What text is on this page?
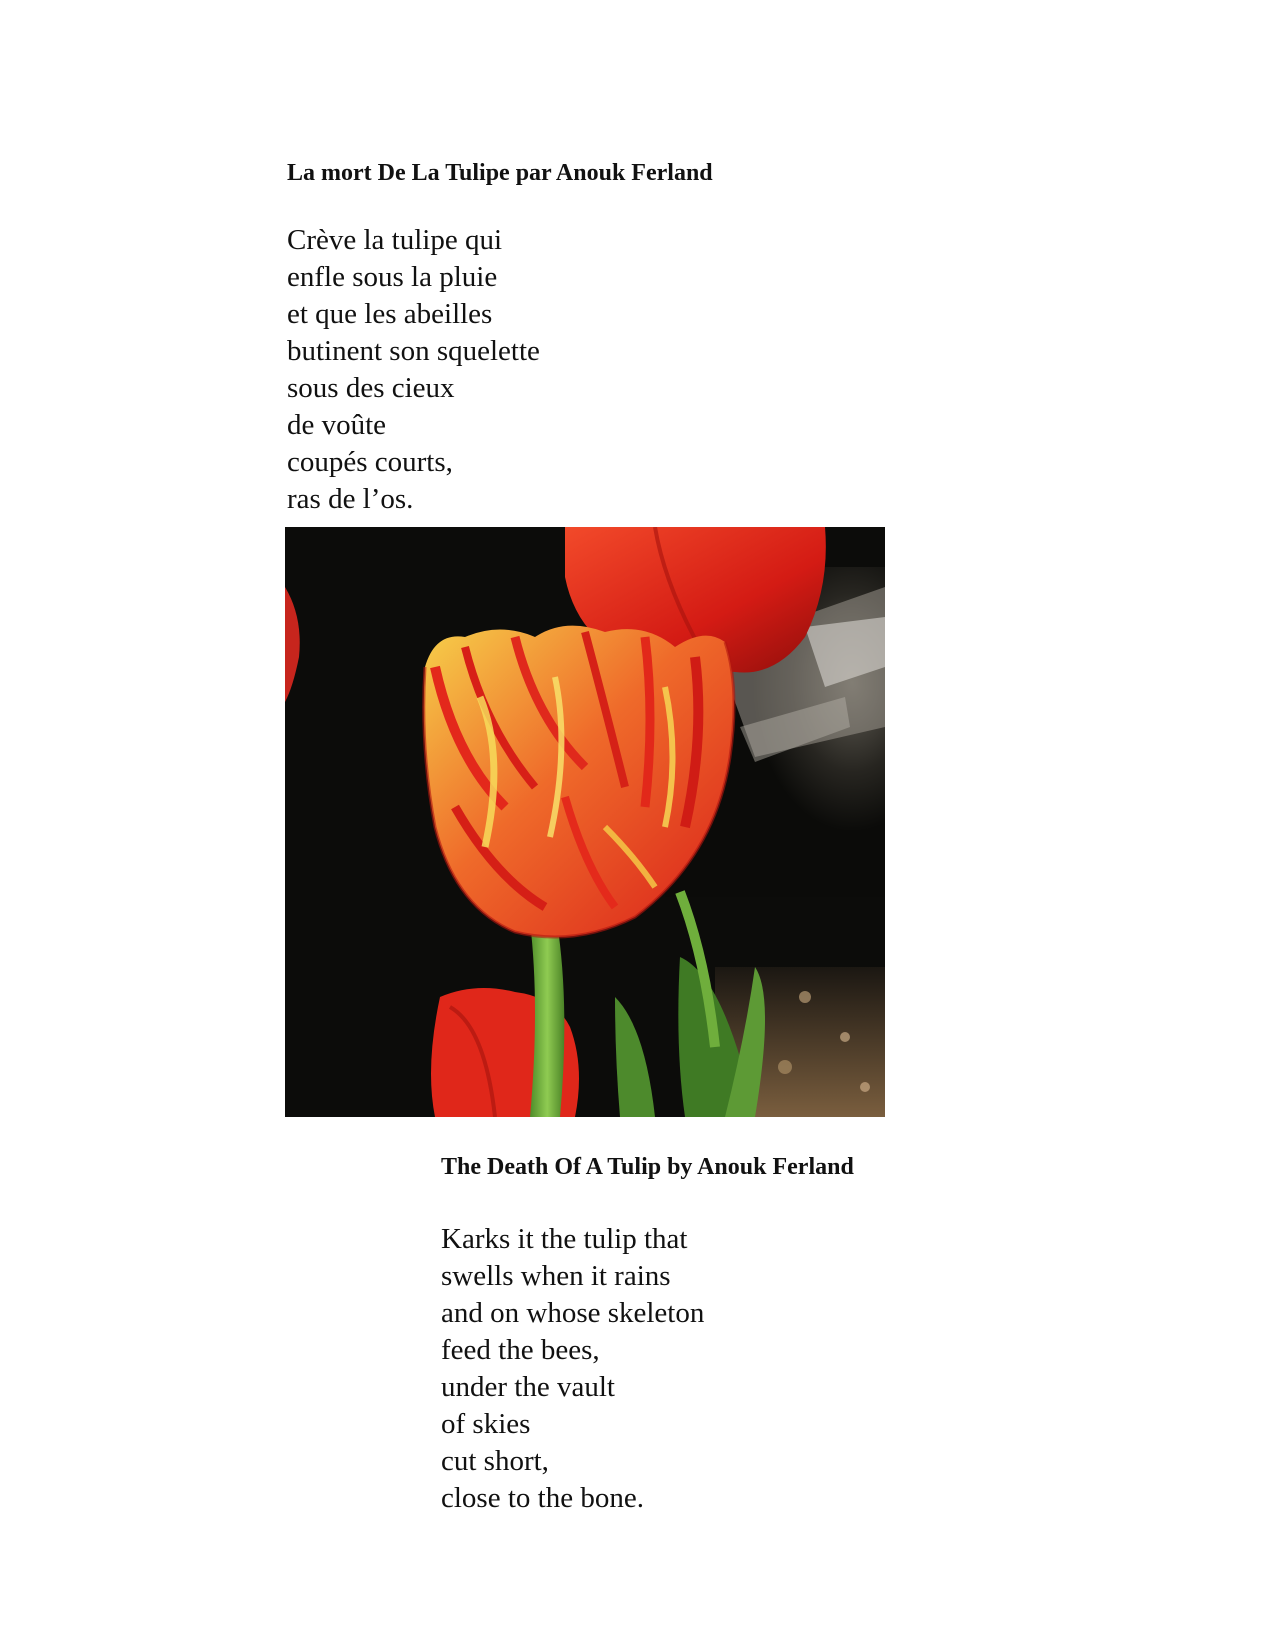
La mort De La Tulipe par Anouk Ferland
Crève la tulipe qui
enfle sous la pluie
et que les abeilles
butinent son squelette
sous des cieux
de voûte
coupés courts,
ras de l’os.
The Death Of A Tulip by Anouk Ferland
Karks it the tulip that
swells when it rains
and on whose skeleton
feed the bees,
under the vault
of skies
cut short,
close to the bone.
